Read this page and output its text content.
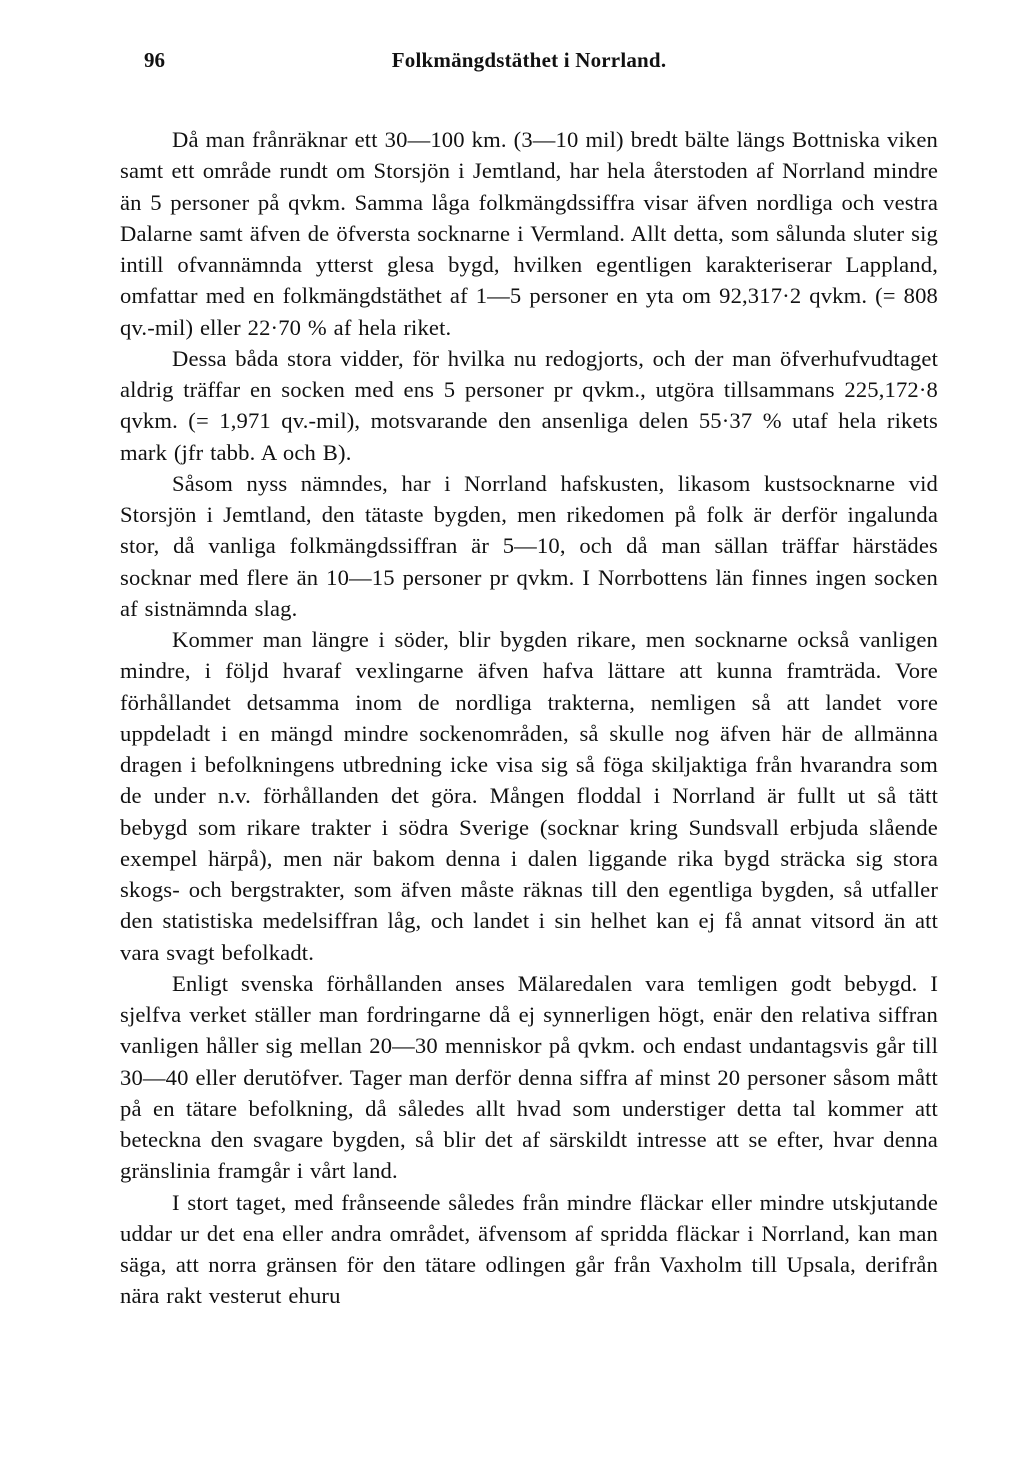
96	Folkmängdstäthet i Norrland.

Då man frånräknar ett 30—100 km. (3—10 mil) bredt bälte längs Bottniska viken samt ett område rundt om Storsjön i Jemtland, har hela återstoden af Norrland mindre än 5 personer på qvkm. Samma låga folkmängdssiffra visar äfven nordliga och vestra Dalarne samt äfven de öfversta socknarne i Vermland. Allt detta, som sålunda sluter sig intill ofvannämnda ytterst glesa bygd, hvilken egentligen karakteriserar Lappland, omfattar med en folkmängdstäthet af 1—5 personer en yta om 92,317·2 qvkm. (= 808 qv.-mil) eller 22·70 % af hela riket.

Dessa båda stora vidder, för hvilka nu redogjorts, och der man öfverhufvudtaget aldrig träffar en socken med ens 5 personer pr qvkm., utgöra tillsammans 225,172·8 qvkm. (= 1,971 qv.-mil), motsvarande den ansenliga delen 55·37 % utaf hela rikets mark (jfr tabb. A och B).

Såsom nyss nämndes, har i Norrland hafskusten, likasom kustsocknarne vid Storsjön i Jemtland, den tätaste bygden, men rikedomen på folk är derför ingalunda stor, då vanliga folkmängdssiffran är 5—10, och då man sällan träffar härstädes socknar med flere än 10—15 personer pr qvkm. I Norrbottens län finnes ingen socken af sistnämnda slag.

Kommer man längre i söder, blir bygden rikare, men socknarne också vanligen mindre, i följd hvaraf vexlingarne äfven hafva lättare att kunna framträda. Vore förhållandet detsamma inom de nordliga trakterna, nemligen så att landet vore uppdeladt i en mängd mindre sockenområden, så skulle nog äfven här de allmänna dragen i befolkningens utbredning icke visa sig så föga skiljaktiga från hvarandra som de under n.v. förhållanden det göra. Mången floddal i Norrland är fullt ut så tätt bebygd som rikare trakter i södra Sverige (socknar kring Sundsvall erbjuda slående exempel härpå), men när bakom denna i dalen liggande rika bygd sträcka sig stora skogs- och bergstrakter, som äfven måste räknas till den egentliga bygden, så utfaller den statistiska medelsiffran låg, och landet i sin helhet kan ej få annat vitsord än att vara svagt befolkadt.

Enligt svenska förhållanden anses Mälaredalen vara temligen godt bebygd. I sjelfva verket ställer man fordringarne då ej synnerligen högt, enär den relativa siffran vanligen håller sig mellan 20—30 menniskor på qvkm. och endast undantagsvis går till 30—40 eller derutöfver. Tager man derför denna siffra af minst 20 personer såsom mått på en tätare befolkning, då således allt hvad som understiger detta tal kommer att beteckna den svagare bygden, så blir det af särskildt intresse att se efter, hvar denna gränslinia framgår i vårt land.

I stort taget, med frånseende således från mindre fläckar eller mindre utskjutande uddar ur det ena eller andra området, äfvensom af spridda fläckar i Norrland, kan man säga, att norra gränsen för den tätare odlingen går från Vaxholm till Upsala, derifrån nära rakt vesterut ehuru
